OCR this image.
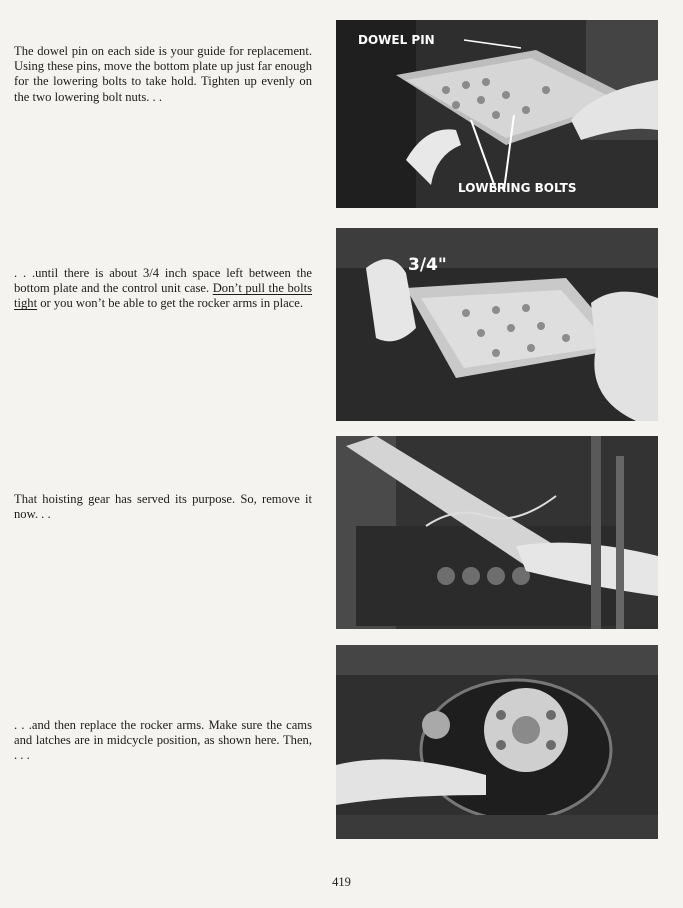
The dowel pin on each side is your guide for replacement. Using these pins, move the bottom plate up just far enough for the lowering bolts to take hold. Tighten up evenly on the two lowering bolt nuts. . .

. . .until there is about 3/4 inch space left between the bottom plate and the control unit case. Don’t pull the bolts tight or you won’t be able to get the rocker arms in place.

That hoisting gear has served its purpose. So, remove it now. . .

. . .and then replace the rocker arms. Make sure the cams and latches are in midcycle position, as shown here. Then, . . .

DOWEL PIN
LOWERING BOLTS
3/4"

419
